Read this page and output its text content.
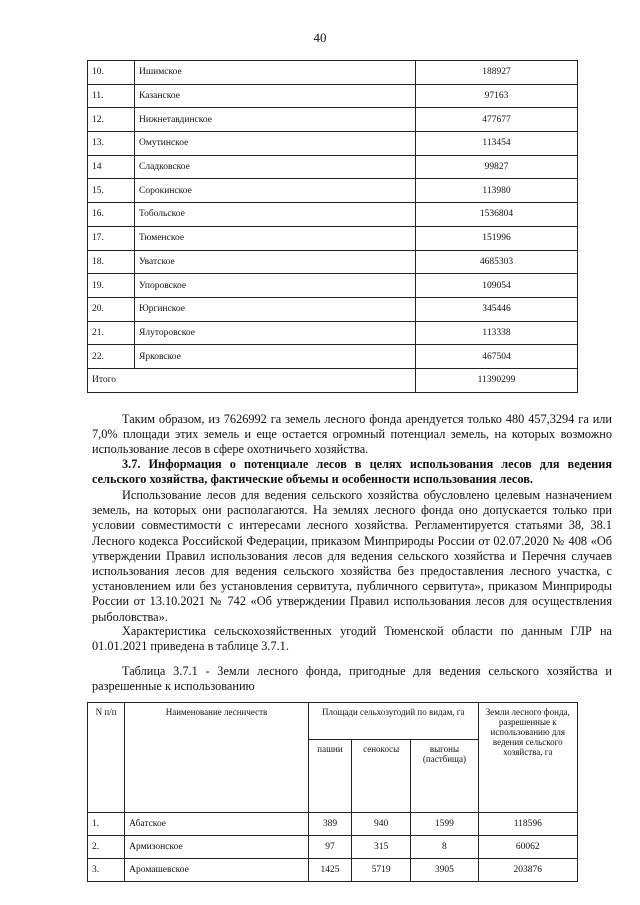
40
10.	Ишимское	188927
11.	Казанское	97163
12.	Нижнетавдинское	477677
13.	Омутинское	113454
14	Сладковское	99827
15.	Сорокинское	113980
16.	Тобольское	1536804
17.	Тюменское	151996
18.	Уватское	4685303
19.	Упоровское	109054
20.	Юргинское	345446
21.	Ялуторовское	113338
22.	Ярковское	467504
Итого		11390299

Таким образом, из 7626992 га земель лесного фонда арендуется только 480 457,3294 га или 7,0% площади этих земель и еще остается огромный потенциал земель, на которых возможно использование лесов в сфере охотничьего хозяйства.

3.7. Информация о потенциале лесов в целях использования лесов для ведения сельского хозяйства, фактические объемы и особенности использования лесов.

Использование лесов для ведения сельского хозяйства обусловлено целевым назначением земель, на которых они располагаются. На землях лесного фонда оно допускается только при условии совместимости с интересами лесного хозяйства. Регламентируется статьями 38, 38.1 Лесного кодекса Российской Федерации, приказом Минприроды России от 02.07.2020 № 408 «Об утверждении Правил использования лесов для ведения сельского хозяйства и Перечня случаев использования лесов для ведения сельского хозяйства без предоставления лесного участка, с установлением или без установления сервитута, публичного сервитута», приказом Минприроды России от 13.10.2021 № 742 «Об утверждении Правил использования лесов для осуществления рыболовства».

Характеристика сельскохозяйственных угодий Тюменской области по данным ГЛР на 01.01.2021 приведена в таблице 3.7.1.

Таблица 3.7.1 - Земли лесного фонда, пригодные для ведения сельского хозяйства и разрешенные к использованию

N п/п	Наименование лесничеств	Площади сельхозугодий по видам, га			Земли лесного фонда, разрешенные к использованию для ведения сельского хозяйства, га
		пашни	сенокосы	выгоны (пастбища)	
1.	Абатское	389	940	1599	118596
2.	Армизонское	97	315	8	60062
3.	Аромашевское	1425	5719	3905	203876
